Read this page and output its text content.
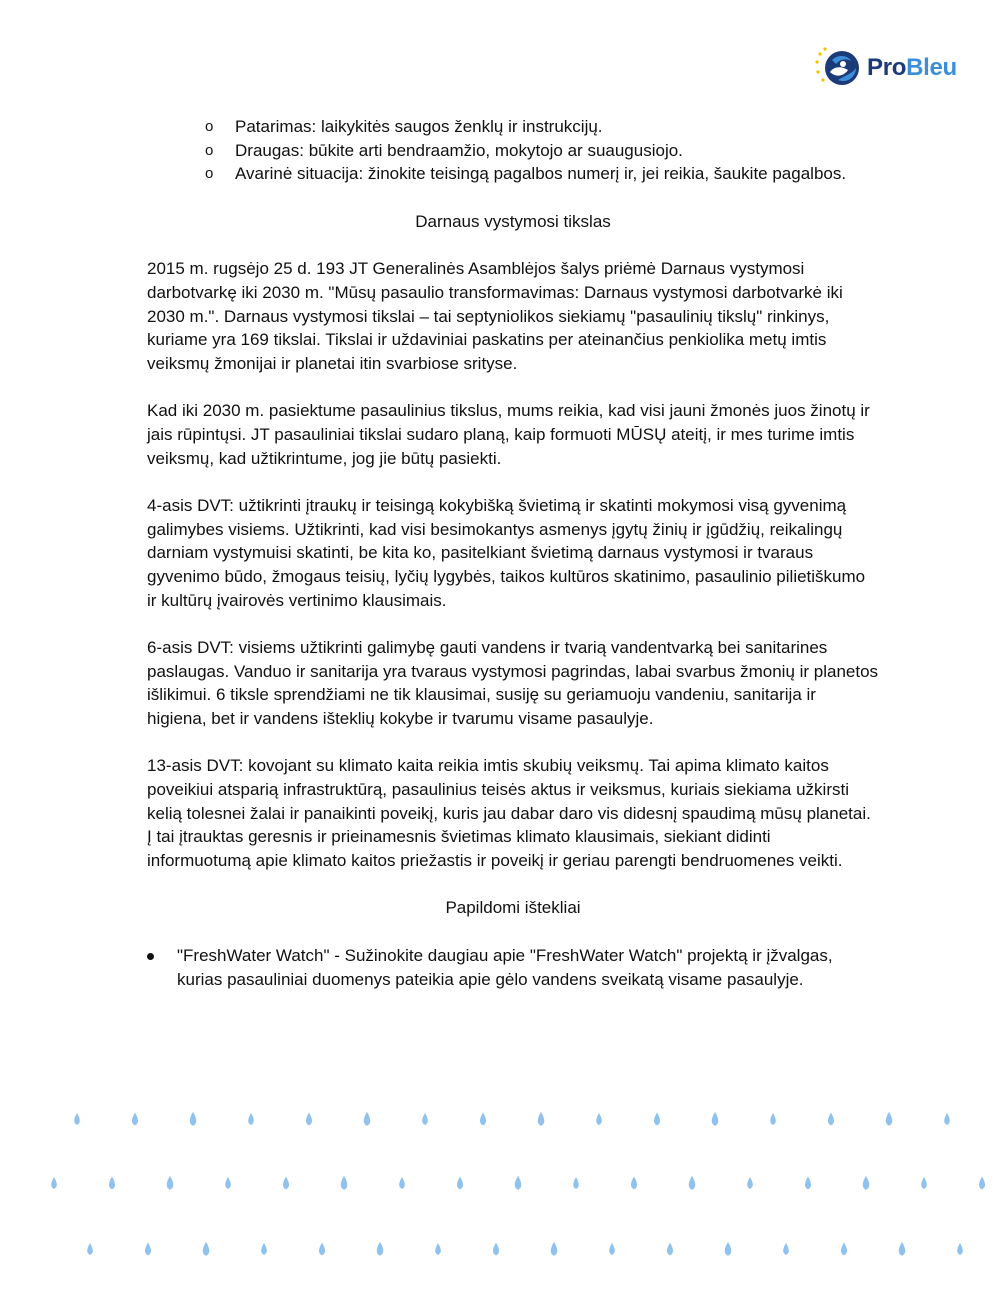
ProBleu
o Patarimas: laikykitės saugos ženklų ir instrukcijų.
o Draugas: būkite arti bendraamžio, mokytojo ar suaugusiojo.
o Avarinė situacija: žinokite teisingą pagalbos numerį ir, jei reikia, šaukite pagalbos.

Darnaus vystymosi tikslas

2015 m. rugsėjo 25 d. 193 JT Generalinės Asamblėjos šalys priėmė Darnaus vystymosi darbotvarkę iki 2030 m. "Mūsų pasaulio transformavimas: Darnaus vystymosi darbotvarkė iki 2030 m.". Darnaus vystymosi tikslai – tai septyniolikos siekiamų "pasaulinių tikslų" rinkinys, kuriame yra 169 tikslai. Tikslai ir uždaviniai paskatins per ateinančius penkiolika metų imtis veiksmų žmonijai ir planetai itin svarbiose srityse.

Kad iki 2030 m. pasiektume pasaulinius tikslus, mums reikia, kad visi jauni žmonės juos žinotų ir jais rūpintųsi. JT pasauliniai tikslai sudaro planą, kaip formuoti MŪSŲ ateitį, ir mes turime imtis veiksmų, kad užtikrintume, jog jie būtų pasiekti.

4-asis DVT: užtikrinti įtraukų ir teisingą kokybišką švietimą ir skatinti mokymosi visą gyvenimą galimybes visiems. Užtikrinti, kad visi besimokantys asmenys įgytų žinių ir įgūdžių, reikalingų darniam vystymuisi skatinti, be kita ko, pasitelkiant švietimą darnaus vystymosi ir tvaraus gyvenimo būdo, žmogaus teisių, lyčių lygybės, taikos kultūros skatinimo, pasaulinio pilietiškumo ir kultūrų įvairovės vertinimo klausimais.

6-asis DVT: visiems užtikrinti galimybę gauti vandens ir tvarią vandentvarką bei sanitarines paslaugas. Vanduo ir sanitarija yra tvaraus vystymosi pagrindas, labai svarbus žmonių ir planetos išlikimui. 6 tiksle sprendžiami ne tik klausimai, susiję su geriamuoju vandeniu, sanitarija ir higiena, bet ir vandens išteklių kokybe ir tvarumu visame pasaulyje.

13-asis DVT: kovojant su klimato kaita reikia imtis skubių veiksmų. Tai apima klimato kaitos poveikiui atsparią infrastruktūrą, pasaulinius teisės aktus ir veiksmus, kuriais siekiama užkirsti kelią tolesnei žalai ir panaikinti poveikį, kuris jau dabar daro vis didesnį spaudimą mūsų planetai. Į tai įtrauktas geresnis ir prieinamesnis švietimas klimato klausimais, siekiant didinti informuotumą apie klimato kaitos priežastis ir poveikį ir geriau parengti bendruomenes veikti.

Papildomi ištekliai

"FreshWater Watch" - Sužinokite daugiau apie "FreshWater Watch" projektą ir įžvalgas, kurias pasauliniai duomenys pateikia apie gėlo vandens sveikatą visame pasaulyje.
